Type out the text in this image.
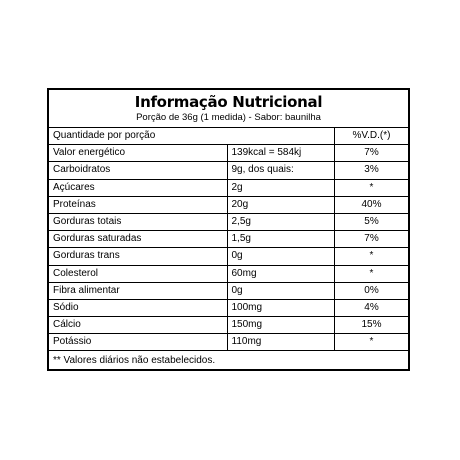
Informação Nutricional
Porção de 36g (1 medida) - Sabor: baunilha
Quantidade por porção		%V.D.(*)
Valor energético	139kcal = 584kj	7%
Carboidratos	9g, dos quais:	3%
Açúcares	2g	*
Proteínas	20g	40%
Gorduras totais	2,5g	5%
Gorduras saturadas	1,5g	7%
Gorduras trans	0g	*
Colesterol	60mg	*
Fibra alimentar	0g	0%
Sódio	100mg	4%
Cálcio	150mg	15%
Potássio	110mg	*
** Valores diários não estabelecidos.
